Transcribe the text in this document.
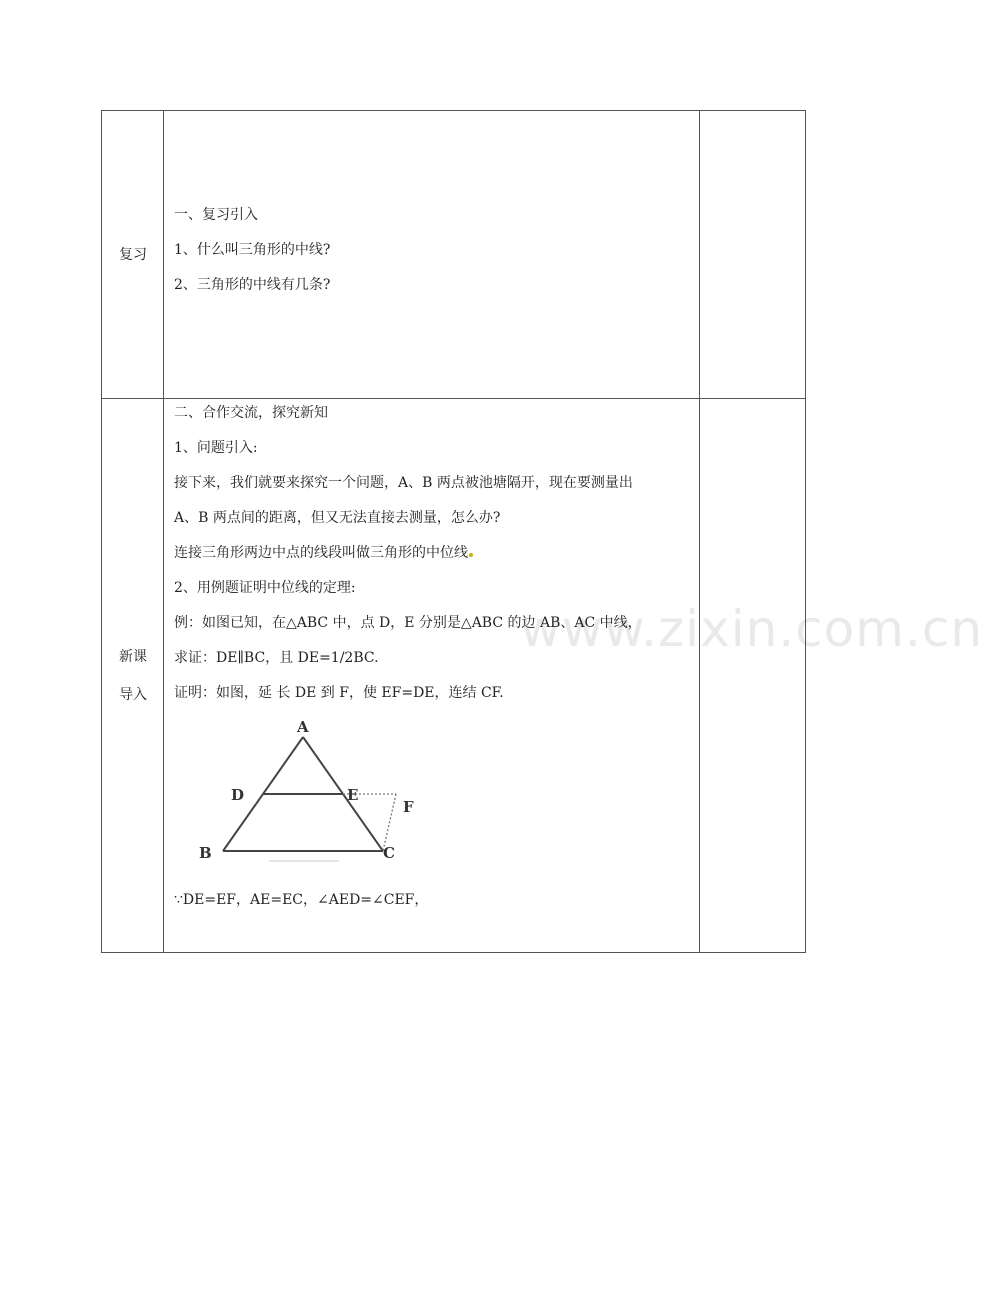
www.zixin.com.cn
复习
一、复习引入
1、什么叫三角形的中线?
2、三角形的中线有几条?
新课
导入
二、合作交流，探究新知
1、问题引入:
接下来，我们就要来探究一个问题，A、B 两点被池塘隔开，现在要测量出
A、B 两点间的距离，但又无法直接去测量，怎么办?
连接三角形两边中点的线段叫做三角形的中位线
2、用例题证明中位线的定理:
例：如图已知，在△ABC 中，点 D，E 分别是△ABC 的边 AB、AC 中线，
求证：DE∥BC，且 DE=1/2BC.
证明：如图，延 长 DE 到 F，使 EF=DE，连结 CF.
A
D	E
F
B	C
∵DE=EF，AE=EC，∠AED=∠CEF，
